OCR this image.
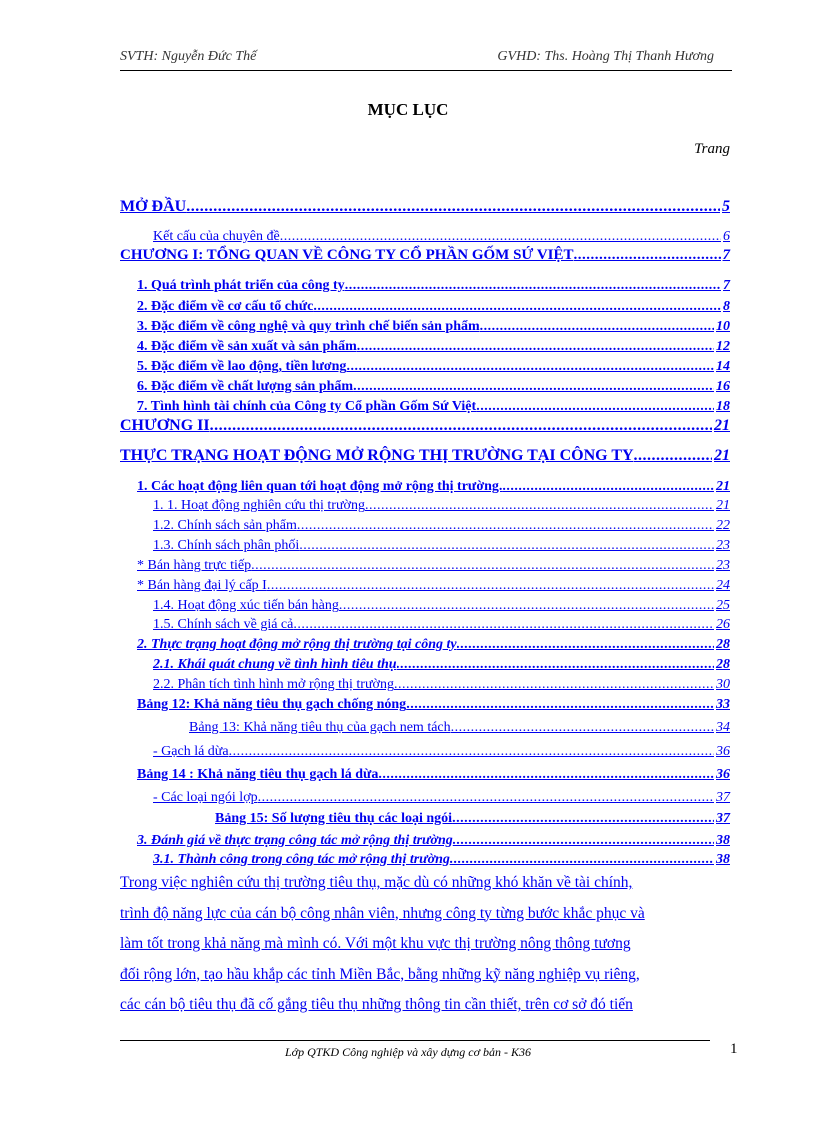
SVTH: Nguyễn Đức Thế	GVHD: Ths. Hoàng Thị Thanh Hương
MỤC LỤC
Trang
MỞ ĐẦU .....	5
Kết cấu của chuyên đề .....	6
CHƯƠNG I: TỔNG QUAN VỀ CÔNG TY CỔ PHẦN GỐM SỨ VIỆT .....	7
1. Quá trình phát triển của công ty .....	7
2. Đặc điểm về cơ cấu tổ chức .....	8
3. Đặc điểm về công nghệ và quy trình chế biến sản phẩm .....	10
4. Đặc điểm về sản xuất và sản phẩm .....	12
5. Đặc điểm về lao động, tiền lương .....	14
6. Đặc điểm về chất lượng sản phẩm .....	16
7. Tình hình tài chính của Công ty Cổ phần Gốm Sứ Việt .....	18
CHƯƠNG II .....	21
THỰC TRẠNG HOẠT ĐỘNG MỞ RỘNG THỊ TRƯỜNG TẠI CÔNG TY .....	21
1. Các hoạt động liên quan tới hoạt động mở rộng thị trường. .....	21
1. 1. Hoạt động nghiên cứu thị trường .....	21
1.2. Chính sách sản phẩm .....	22
1.3. Chính sách phân phối .....	23
* Bán hàng trực tiếp .....	23
* Bán hàng đại lý cấp I .....	24
1.4. Hoạt động xúc tiến bán hàng .....	25
1.5. Chính sách về giá cả .....	26
2. Thực trạng hoạt động mở rộng thị trường tại công ty .....	28
2.1. Khái quát chung về tình hình tiêu thụ .....	28
2.2. Phân tích tình hình mở rộng thị trường .....	30
Bảng 12: Khả năng tiêu thụ gạch chống nóng .....	33
Bảng 13: Khả năng tiêu thụ của gạch nem tách .....	34
- Gạch lá dừa .....	36
Bảng 14 : Khả năng tiêu thụ gạch lá dừa .....	36
- Các loại ngói lợp .....	37
Bảng 15: Số lượng tiêu thụ các loại ngói .....	37
3. Đánh giá về thực trạng công tác mở rộng thị trường .....	38
3.1. Thành công trong công tác mở rộng thị trường .....	38
Trong việc nghiên cứu thị trường tiêu thụ, mặc dù có những khó khăn về tài chính,
trình độ năng lực của cán bộ công nhân viên, nhưng công ty từng bước khắc phục và
làm tốt trong khả năng mà mình có. Với một khu vực thị trường nông thông tương
đối rộng lớn, tạo hầu khắp các tỉnh Miền Bắc, bằng những kỹ năng nghiệp vụ riêng,
các cán bộ tiêu thụ đã cố gắng tiêu thụ những thông tin cần thiết, trên cơ sở đó tiến
Lớp QTKD Công nghiệp và xây dựng cơ bản - K36	1
